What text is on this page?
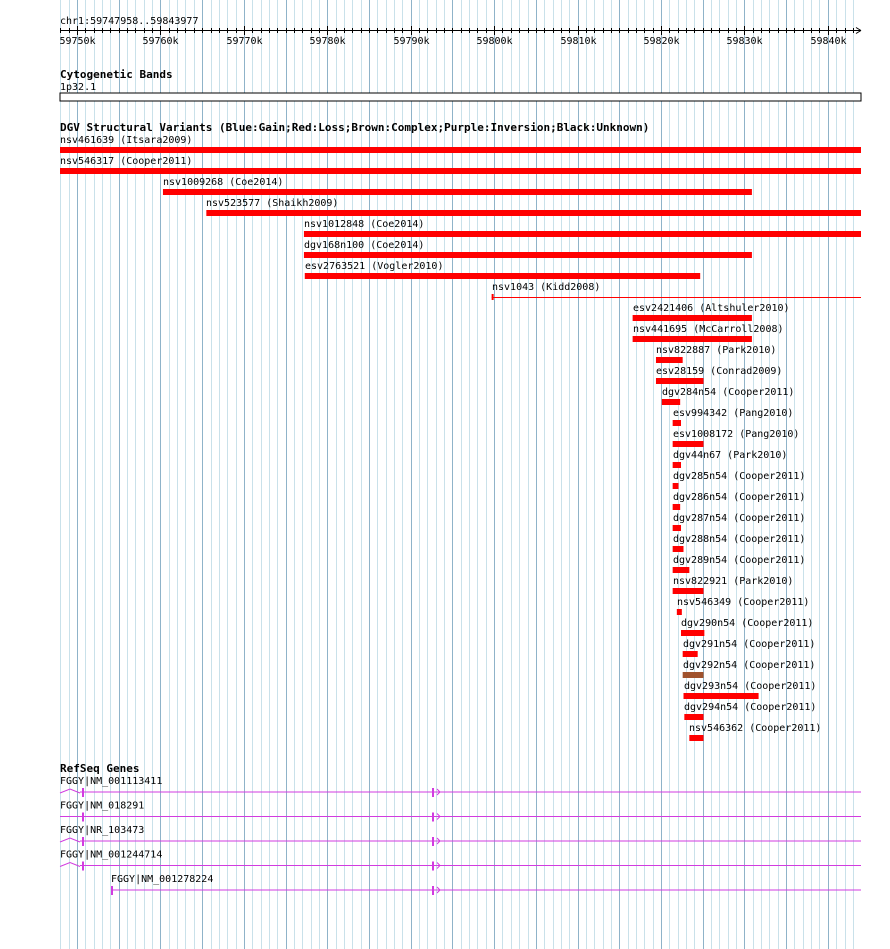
chr1:59747958..59843977
59750k	59760k	59770k	59780k	59790k	59800k	59810k	59820k	59830k	59840k
Cytogenetic Bands
1p32.1
DGV Structural Variants (Blue:Gain;Red:Loss;Brown:Complex;Purple:Inversion;Black:Unknown)
nsv461639 (Itsara2009)
nsv546317 (Cooper2011)
nsv1009268 (Coe2014)
nsv523577 (Shaikh2009)
nsv1012848 (Coe2014)
dgv168n100 (Coe2014)
esv2763521 (Vogler2010)
nsv1043 (Kidd2008)
esv2421406 (Altshuler2010)
nsv441695 (McCarroll2008)
nsv822887 (Park2010)
esv28159 (Conrad2009)
dgv284n54 (Cooper2011)
esv994342 (Pang2010)
esv1008172 (Pang2010)
dgv44n67 (Park2010)
dgv285n54 (Cooper2011)
dgv286n54 (Cooper2011)
dgv287n54 (Cooper2011)
dgv288n54 (Cooper2011)
dgv289n54 (Cooper2011)
nsv822921 (Park2010)
nsv546349 (Cooper2011)
dgv290n54 (Cooper2011)
dgv291n54 (Cooper2011)
dgv292n54 (Cooper2011)
dgv293n54 (Cooper2011)
dgv294n54 (Cooper2011)
nsv546362 (Cooper2011)
RefSeq Genes
FGGY|NM_001113411
FGGY|NM_018291
FGGY|NR_103473
FGGY|NM_001244714
FGGY|NM_001278224
